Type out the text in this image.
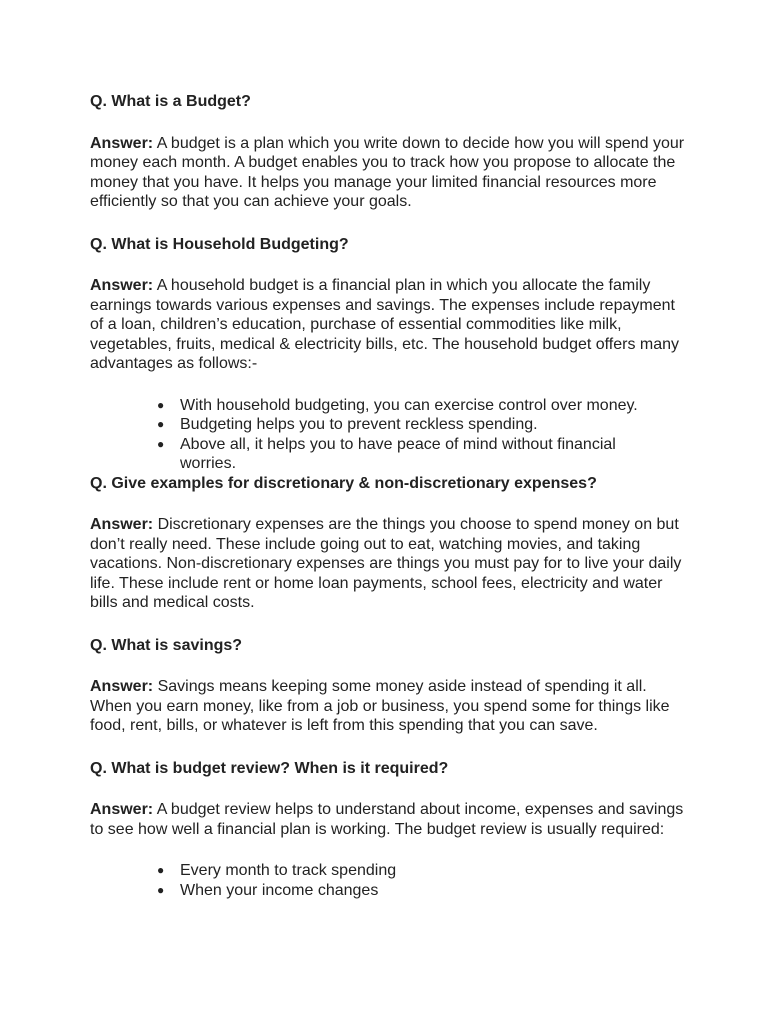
Q. What is a Budget?

Answer: A budget is a plan which you write down to decide how you will spend your money each month. A budget enables you to track how you propose to allocate the money that you have. It helps you manage your limited financial resources more efficiently so that you can achieve your goals.

Q. What is Household Budgeting?

Answer: A household budget is a financial plan in which you allocate the family earnings towards various expenses and savings. The expenses include repayment of a loan, children’s education, purchase of essential commodities like milk, vegetables, fruits, medical & electricity bills, etc. The household budget offers many advantages as follows:-

● With household budgeting, you can exercise control over money.
● Budgeting helps you to prevent reckless spending.
● Above all, it helps you to have peace of mind without financial worries.

Q. Give examples for discretionary & non-discretionary expenses?

Answer: Discretionary expenses are the things you choose to spend money on but don’t really need. These include going out to eat, watching movies, and taking vacations. Non-discretionary expenses are things you must pay for to live your daily life. These include rent or home loan payments, school fees, electricity and water bills and medical costs.

Q. What is savings?

Answer: Savings means keeping some money aside instead of spending it all. When you earn money, like from a job or business, you spend some for things like food, rent, bills, or whatever is left from this spending that you can save.

Q. What is budget review? When is it required?

Answer: A budget review helps to understand about income, expenses and savings to see how well a financial plan is working. The budget review is usually required:

● Every month to track spending
● When your income changes
